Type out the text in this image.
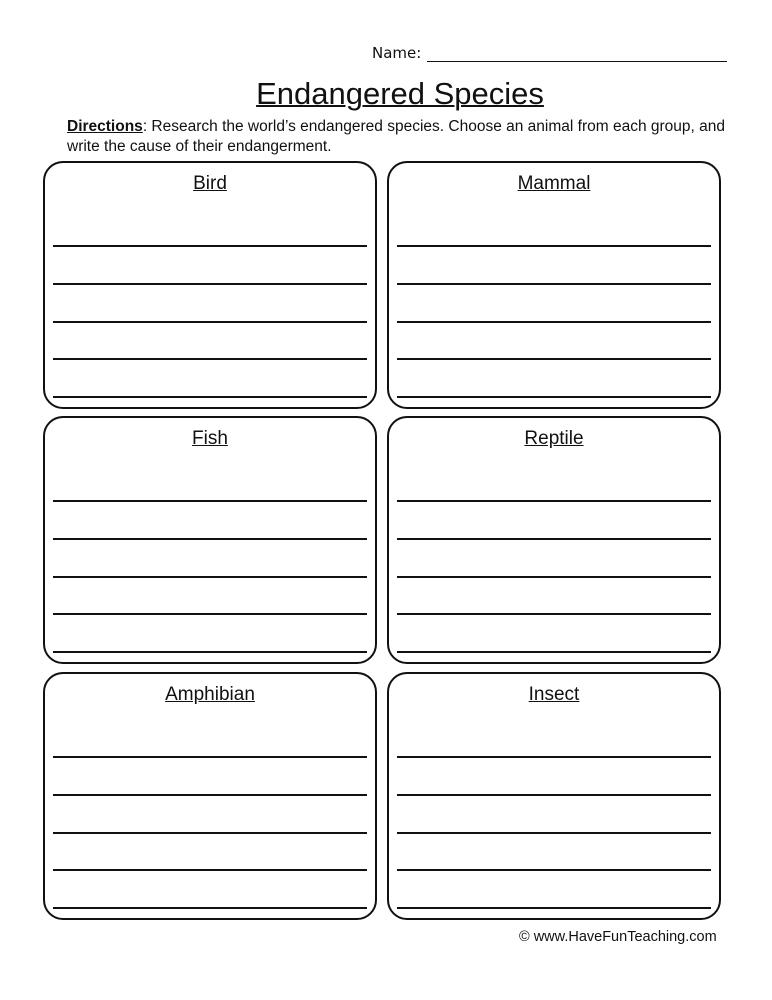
Name:
Endangered Species
Directions: Research the world’s endangered species. Choose an animal from each group, and write the cause of their endangerment.
Bird	Mammal
Fish	Reptile
Amphibian	Insect
© www.HaveFunTeaching.com
